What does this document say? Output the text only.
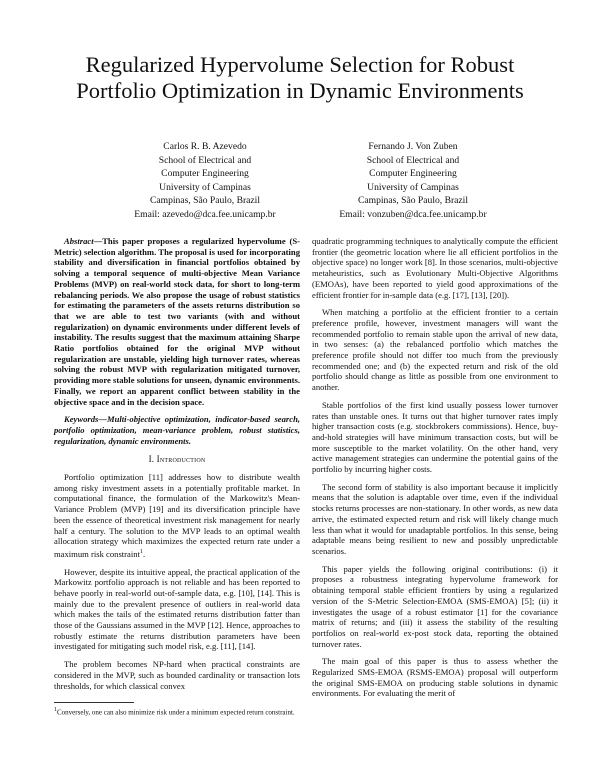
Regularized Hypervolume Selection for Robust
Portfolio Optimization in Dynamic Environments
Carlos R. B. Azevedo
School of Electrical and
Computer Engineering
University of Campinas
Campinas, São Paulo, Brazil
Email: azevedo@dca.fee.unicamp.br
Fernando J. Von Zuben
School of Electrical and
Computer Engineering
University of Campinas
Campinas, São Paulo, Brazil
Email: vonzuben@dca.fee.unicamp.br

Abstract—This paper proposes a regularized hypervolume (S-Metric) selection algorithm. The proposal is used for incorporating stability and diversification in financial portfolios obtained by solving a temporal sequence of multi-objective Mean Variance Problems (MVP) on real-world stock data, for short to long-term rebalancing periods. We also propose the usage of robust statistics for estimating the parameters of the assets returns distribution so that we are able to test two variants (with and without regularization) on dynamic environments under different levels of instability. The results suggest that the maximum attaining Sharpe Ratio portfolios obtained for the original MVP without regularization are unstable, yielding high turnover rates, whereas solving the robust MVP with regularization mitigated turnover, providing more stable solutions for unseen, dynamic environments. Finally, we report an apparent conflict between stability in the objective space and in the decision space.

Keywords—Multi-objective optimization, indicator-based search, portfolio optimization, mean-variance problem, robust statistics, regularization, dynamic environments.

I. Introduction

Portfolio optimization [11] addresses how to distribute wealth among risky investment assets in a potentially profitable market. In computational finance, the formulation of the Markowitz's Mean-Variance Problem (MVP) [19] and its diversification principle have been the essence of theoretical investment risk management for nearly half a century. The solution to the MVP leads to an optimal wealth allocation strategy which maximizes the expected return rate under a maximum risk constraint$^1$.

However, despite its intuitive appeal, the practical application of the Markowitz portfolio approach is not reliable and has been reported to behave poorly in real-world out-of-sample data, e.g. [10], [14]. This is mainly due to the prevalent presence of outliers in real-world data which makes the tails of the estimated returns distribution fatter than those of the Gaussians assumed in the MVP [12]. Hence, approaches to robustly estimate the returns distribution parameters have been investigated for mitigating such model risk, e.g. [11], [14].

The problem becomes NP-hard when practical constraints are considered in the MVP, such as bounded cardinality or transaction lots thresholds, for which classical convex

$^1$Conversely, one can also minimize risk under a minimum expected return constraint.

quadratic programming techniques to analytically compute the efficient frontier (the geometric location where lie all efficient portfolios in the objective space) no longer work [8]. In those scenarios, multi-objective metaheuristics, such as Evolutionary Multi-Objective Algorithms (EMOAs), have been reported to yield good approximations of the efficient frontier for in-sample data (e.g. [17], [13], [20]).

When matching a portfolio at the efficient frontier to a certain preference profile, however, investment managers will want the recommended portfolio to remain stable upon the arrival of new data, in two senses: (a) the rebalanced portfolio which matches the preference profile should not differ too much from the previously recommended one; and (b) the expected return and risk of the old portfolio should change as little as possible from one environment to another.

Stable portfolios of the first kind usually possess lower turnover rates than unstable ones. It turns out that higher turnover rates imply higher transaction costs (e.g. stockbrokers commissions). Hence, buy-and-hold strategies will have minimum transaction costs, but will be more susceptible to the market volatility. On the other hand, very active management strategies can undermine the potential gains of the portfolio by incurring higher costs.

The second form of stability is also important because it implicitly means that the solution is adaptable over time, even if the individual stocks returns processes are non-stationary. In other words, as new data arrive, the estimated expected return and risk will likely change much less than what it would for unadaptable portfolios. In this sense, being adaptable means being resilient to new and possibly unpredictable scenarios.

This paper yields the following original contributions: (i) it proposes a robustness integrating hypervolume framework for obtaining temporal stable efficient frontiers by using a regularized version of the S-Metric Selection-EMOA (SMS-EMOA) [5]; (ii) it investigates the usage of a robust estimator [1] for the covariance matrix of returns; and (iii) it assess the stability of the resulting portfolios on real-world ex-post stock data, reporting the obtained turnover rates.

The main goal of this paper is thus to assess whether the Regularized SMS-EMOA (RSMS-EMOA) proposal will outperform the original SMS-EMOA on producing stable solutions in dynamic environments. For evaluating the merit of
